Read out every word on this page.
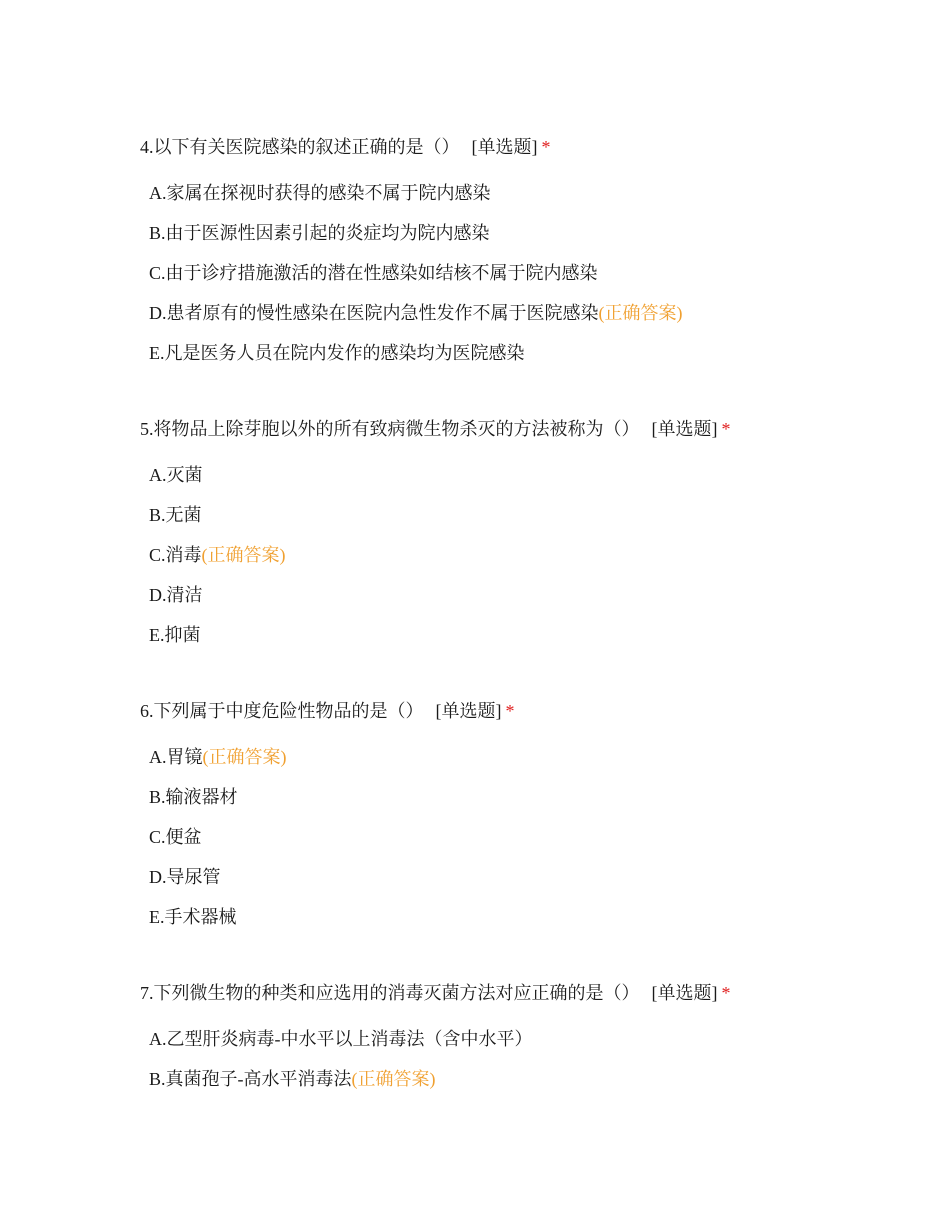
4.以下有关医院感染的叙述正确的是（） [单选题] *
A.家属在探视时获得的感染不属于院内感染
B.由于医源性因素引起的炎症均为院内感染
C.由于诊疗措施激活的潜在性感染如结核不属于院内感染
D.患者原有的慢性感染在医院内急性发作不属于医院感染(正确答案)
E.凡是医务人员在院内发作的感染均为医院感染
5.将物品上除芽胞以外的所有致病微生物杀灭的方法被称为（） [单选题] *
A.灭菌
B.无菌
C.消毒(正确答案)
D.清洁
E.抑菌
6.下列属于中度危险性物品的是（） [单选题] *
A.胃镜(正确答案)
B.输液器材
C.便盆
D.导尿管
E.手术器械
7.下列微生物的种类和应选用的消毒灭菌方法对应正确的是（） [单选题] *
A.乙型肝炎病毒-中水平以上消毒法（含中水平）
B.真菌孢子-高水平消毒法(正确答案)
